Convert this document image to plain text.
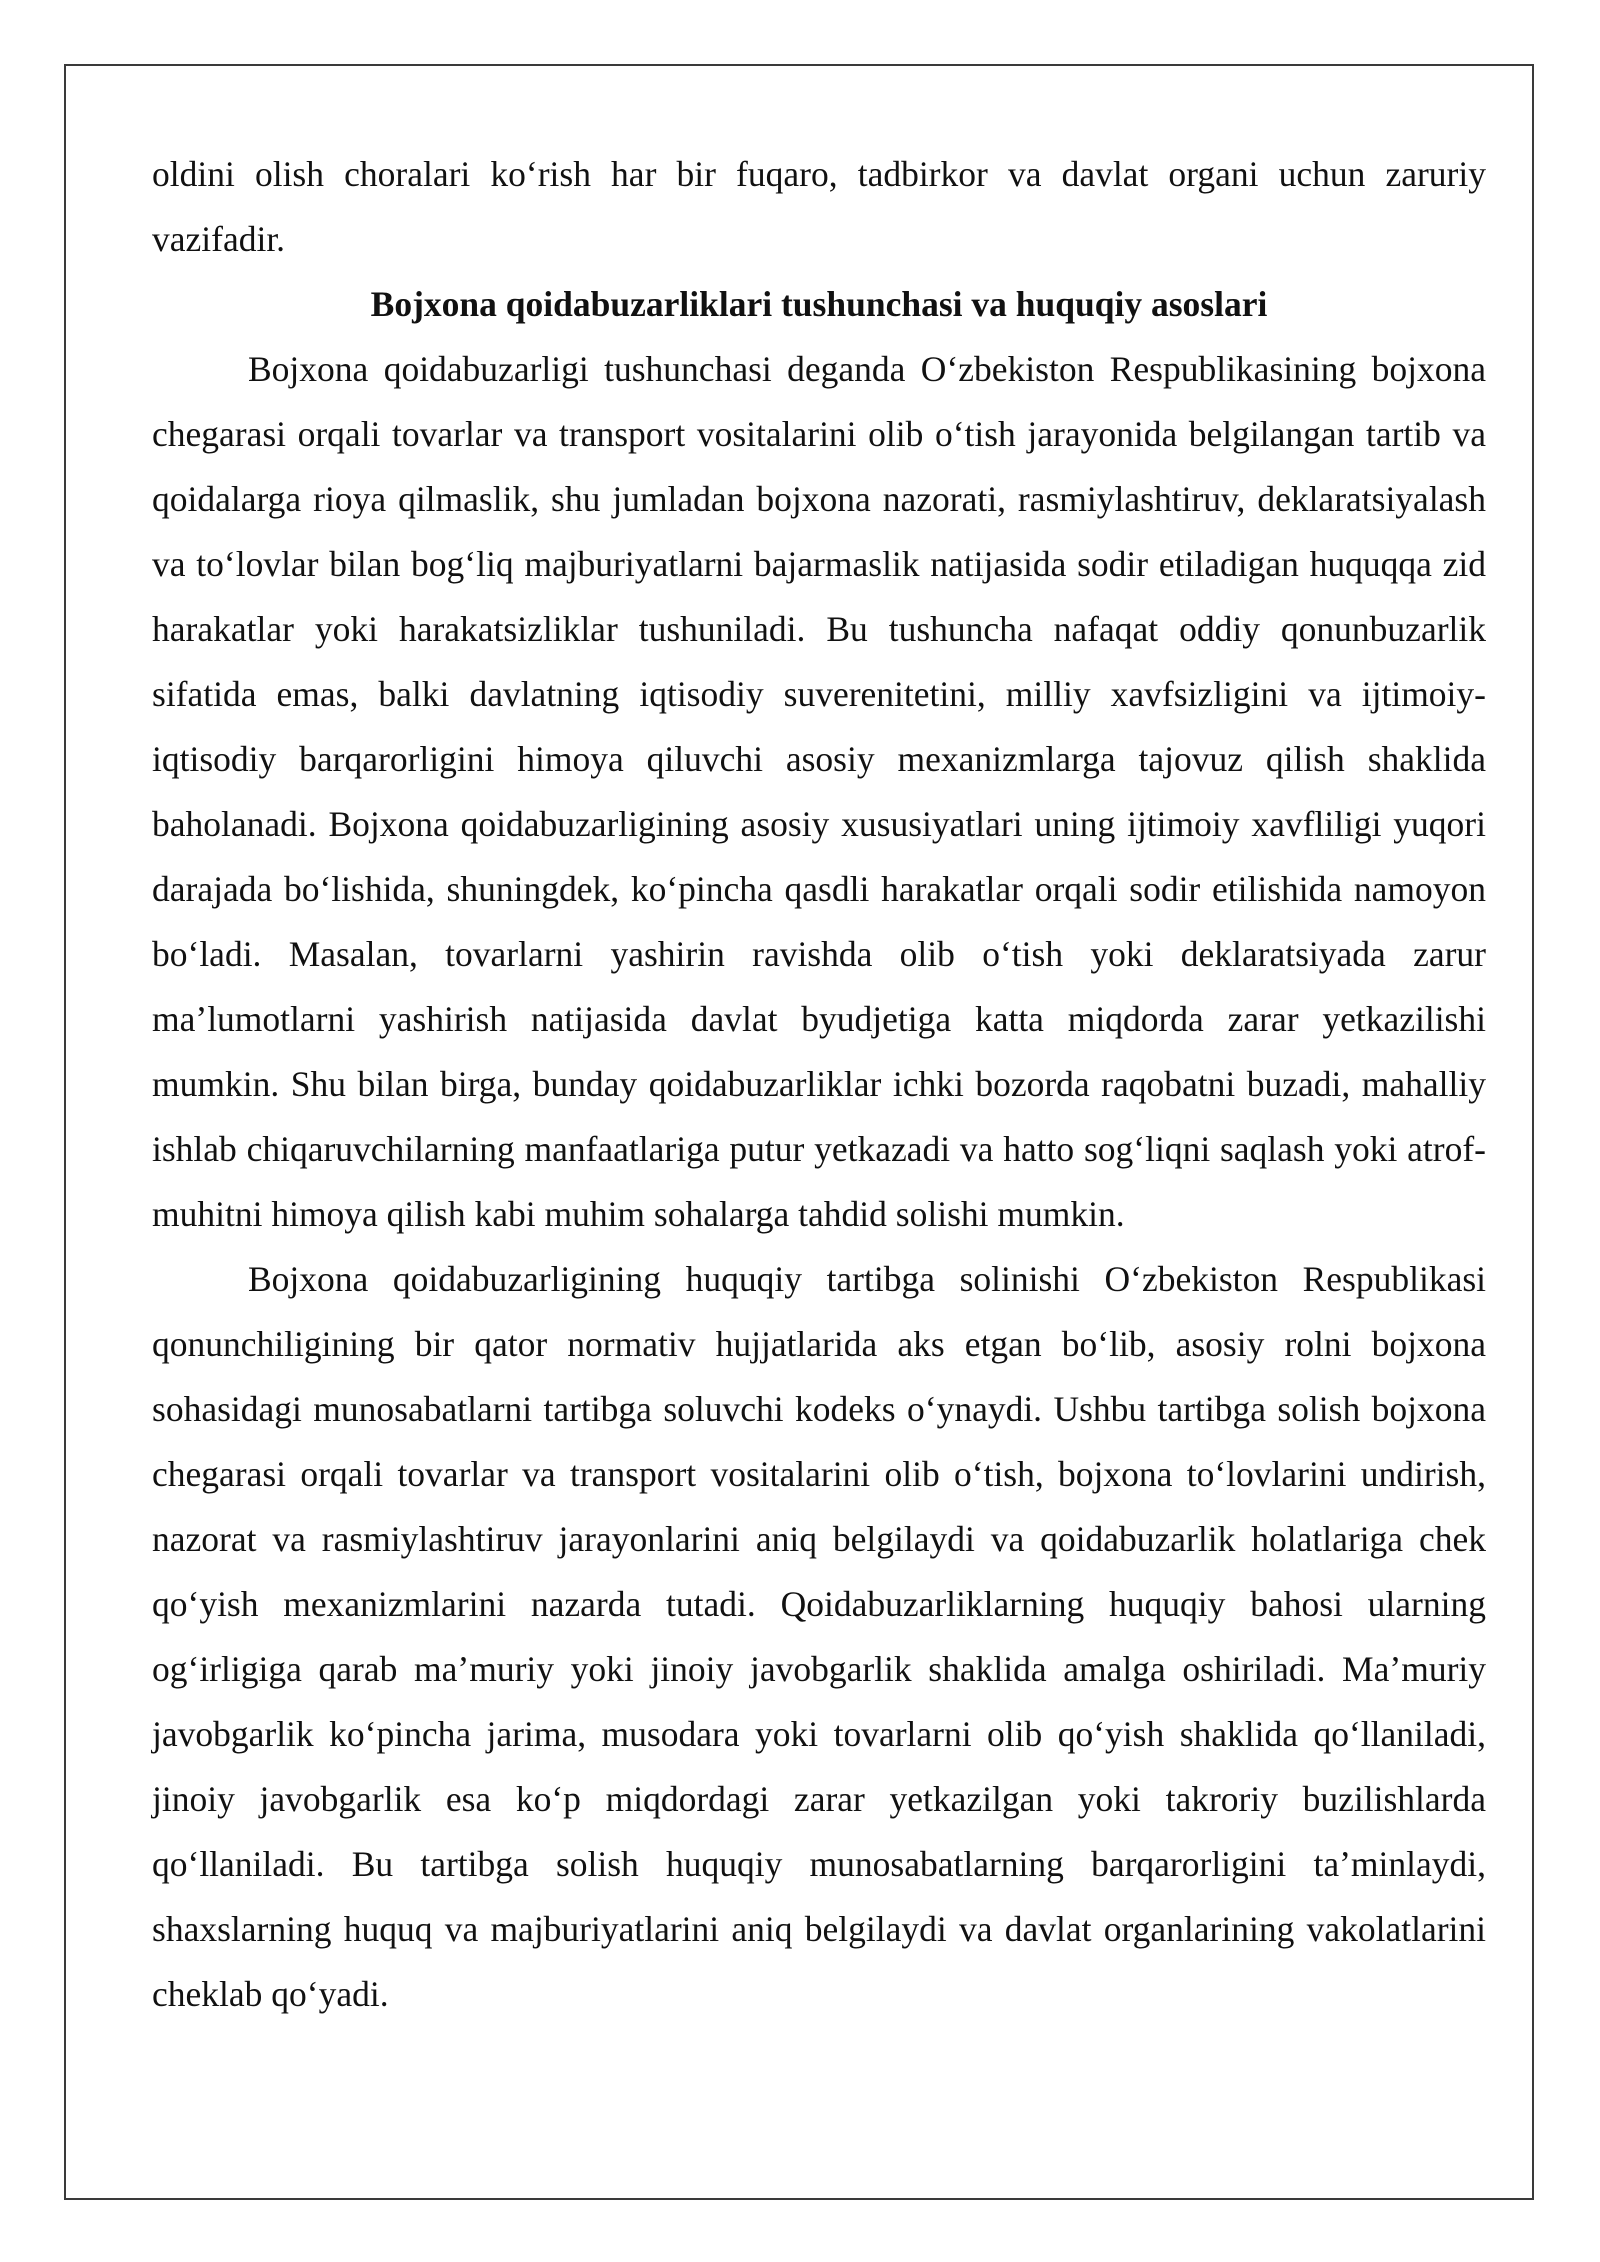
oldini olish choralari koʻrish har bir fuqaro, tadbirkor va davlat organi uchun zaruriy vazifadir.

Bojxona qoidabuzarliklari tushunchasi va huquqiy asoslari

Bojxona qoidabuzarligi tushunchasi deganda Oʻzbekiston Respublikasining bojxona chegarasi orqali tovarlar va transport vositalarini olib oʻtish jarayonida belgilangan tartib va qoidalarga rioya qilmaslik, shu jumladan bojxona nazorati, rasmiylashtiruv, deklaratsiyalash va toʻlovlar bilan bogʻliq majburiyatlarni bajarmaslik natijasida sodir etiladigan huquqqa zid harakatlar yoki harakatsizliklar tushuniladi. Bu tushuncha nafaqat oddiy qonunbuzarlik sifatida emas, balki davlatning iqtisodiy suverenitetini, milliy xavfsizligini va ijtimoiy-iqtisodiy barqarorligini himoya qiluvchi asosiy mexanizmlarga tajovuz qilish shaklida baholanadi. Bojxona qoidabuzarligining asosiy xususiyatlari uning ijtimoiy xavfliligi yuqori darajada boʻlishida, shuningdek, koʻpincha qasdli harakatlar orqali sodir etilishida namoyon boʻladi. Masalan, tovarlarni yashirin ravishda olib oʻtish yoki deklaratsiyada zarur maʼlumotlarni yashirish natijasida davlat byudjetiga katta miqdorda zarar yetkazilishi mumkin. Shu bilan birga, bunday qoidabuzarliklar ichki bozorda raqobatni buzadi, mahalliy ishlab chiqaruvchilarning manfaatlariga putur yetkazadi va hatto sogʻliqni saqlash yoki atrof-muhitni himoya qilish kabi muhim sohalarga tahdid solishi mumkin.

Bojxona qoidabuzarligining huquqiy tartibga solinishi Oʻzbekiston Respublikasi qonunchiligining bir qator normativ hujjatlarida aks etgan boʻlib, asosiy rolni bojxona sohasidagi munosabatlarni tartibga soluvchi kodeks oʻynaydi. Ushbu tartibga solish bojxona chegarasi orqali tovarlar va transport vositalarini olib oʻtish, bojxona toʻlovlarini undirish, nazorat va rasmiylashtiruv jarayonlarini aniq belgilaydi va qoidabuzarlik holatlariga chek qoʻyish mexanizmlarini nazarda tutadi. Qoidabuzarliklarning huquqiy bahosi ularning ogʻirligiga qarab maʼmuriy yoki jinoiy javobgarlik shaklida amalga oshiriladi. Maʼmuriy javobgarlik koʻpincha jarima, musodara yoki tovarlarni olib qoʻyish shaklida qoʻllaniladi, jinoiy javobgarlik esa koʻp miqdordagi zarar yetkazilgan yoki takroriy buzilishlarda qoʻllaniladi. Bu tartibga solish huquqiy munosabatlarning barqarorligini taʼminlaydi, shaxslarning huquq va majburiyatlarini aniq belgilaydi va davlat organlarining vakolatlarini cheklab qoʻyadi.
